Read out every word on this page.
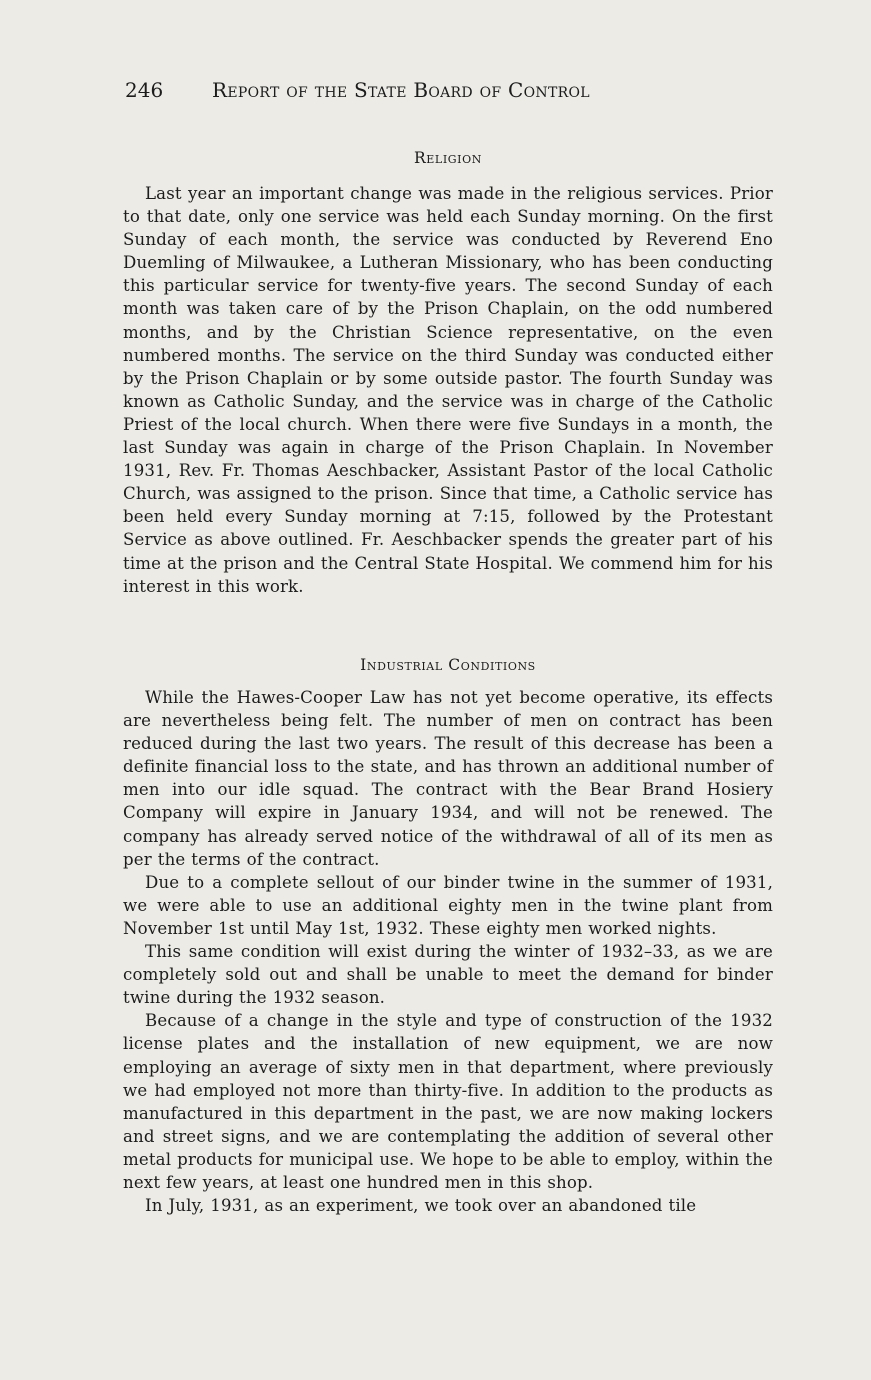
246 Report of the State Board of Control
Religion

Last year an important change was made in the religious services. Prior to that date, only one service was held each Sunday morning. On the first Sunday of each month, the service was conducted by Reverend Eno Duemling of Milwaukee, a Lutheran Missionary, who has been conducting this particular service for twenty-five years. The second Sunday of each month was taken care of by the Prison Chaplain, on the odd numbered months, and by the Christian Science representative, on the even numbered months. The service on the third Sunday was conducted either by the Prison Chaplain or by some outside pastor. The fourth Sunday was known as Catholic Sunday, and the service was in charge of the Catholic Priest of the local church. When there were five Sundays in a month, the last Sunday was again in charge of the Prison Chaplain. In November 1931, Rev. Fr. Thomas Aeschbacker, Assistant Pastor of the local Catholic Church, was assigned to the prison. Since that time, a Catholic service has been held every Sunday morning at 7:15, followed by the Protestant Service as above outlined. Fr. Aeschbacker spends the greater part of his time at the prison and the Central State Hospital. We commend him for his interest in this work.

Industrial Conditions

While the Hawes-Cooper Law has not yet become operative, its effects are nevertheless being felt. The number of men on contract has been reduced during the last two years. The result of this decrease has been a definite financial loss to the state, and has thrown an additional number of men into our idle squad. The contract with the Bear Brand Hosiery Company will expire in January 1934, and will not be renewed. The company has already served notice of the withdrawal of all of its men as per the terms of the contract.

Due to a complete sellout of our binder twine in the summer of 1931, we were able to use an additional eighty men in the twine plant from November 1st until May 1st, 1932. These eighty men worked nights.

This same condition will exist during the winter of 1932–33, as we are completely sold out and shall be unable to meet the demand for binder twine during the 1932 season.

Because of a change in the style and type of construction of the 1932 license plates and the installation of new equipment, we are now employing an average of sixty men in that department, where previously we had employed not more than thirty-five. In addition to the products as manufactured in this department in the past, we are now making lockers and street signs, and we are contemplating the addition of several other metal products for municipal use. We hope to be able to employ, within the next few years, at least one hundred men in this shop.

In July, 1931, as an experiment, we took over an abandoned tile
